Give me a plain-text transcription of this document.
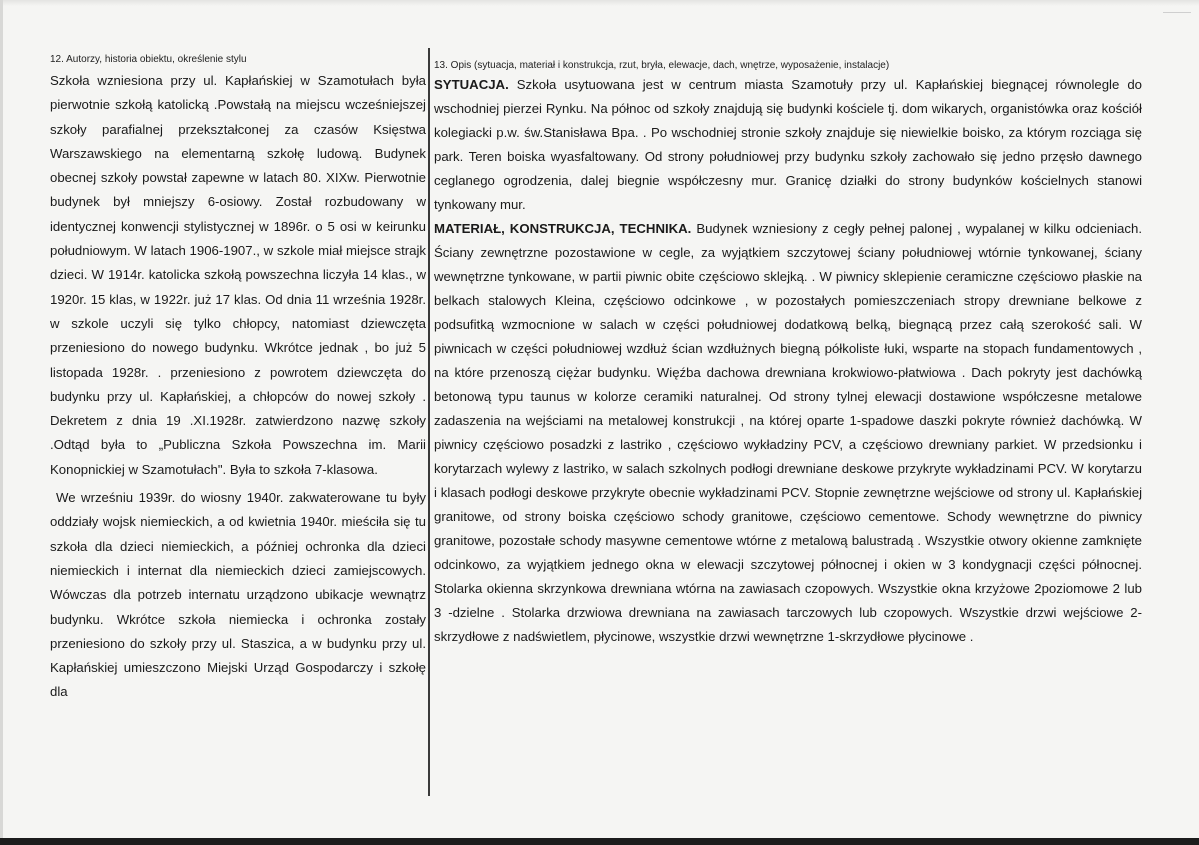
12. Autorzy, historia obiektu, określenie stylu

Szkoła wzniesiona przy ul. Kapłańskiej w Szamotułach była pierwotnie szkołą katolicką .Powstałą na miejscu wcześniejszej szkoły parafialnej przekształconej za czasów Księstwa Warszawskiego na elementarną szkołę ludową. Budynek obecnej szkoły powstał zapewne w latach 80. XIXw. Pierwotnie budynek był mniejszy 6-osiowy. Został rozbudowany w identycznej konwencji stylistycznej w 1896r. o 5 osi w keirunku południowym. W latach 1906-1907., w szkole miał miejsce strajk dzieci. W 1914r. katolicka szkołą powszechna liczyła 14 klas., w 1920r. 15 klas, w 1922r. już 17 klas. Od dnia 11 września 1928r. w szkole uczyli się tylko chłopcy, natomiast dziewczęta przeniesiono do nowego budynku. Wkrótce jednak , bo już 5 listopada 1928r. . przeniesiono z powrotem dziewczęta do budynku przy ul. Kapłańskiej, a chłopców do nowej szkoły . Dekretem z dnia 19 .XI.1928r. zatwierdzono nazwę szkoły .Odtąd była to „Publiczna Szkoła Powszechna im. Marii Konopnickiej w Szamotułach". Była to szkoła 7-klasowa.

We wrześniu 1939r. do wiosny 1940r. zakwaterowane tu były oddziały wojsk niemieckich, a od kwietnia 1940r. mieściła się tu szkoła dla dzieci niemieckich, a później ochronka dla dzieci niemieckich i internat dla niemieckich dzieci zamiejscowych. Wówczas dla potrzeb internatu urządzono ubikacje wewnątrz budynku. Wkrótce szkoła niemiecka i ochronka zostały przeniesiono do szkoły przy ul. Staszica, a w budynku przy ul. Kapłańskiej umieszczono Miejski Urząd Gospodarczy i szkołę dla

13. Opis (sytuacja, materiał i konstrukcja, rzut, bryła, elewacje, dach, wnętrze, wyposażenie, instalacje)

SYTUACJA. Szkoła usytuowana jest w centrum miasta Szamotuły przy ul. Kapłańskiej biegnącej równolegle do wschodniej pierzei Rynku. Na północ od szkoły znajdują się budynki kościele tj. dom wikarych, organistówka oraz kościół kolegiacki p.w. św.Stanisława Bpa. . Po wschodniej stronie szkoły znajduje się niewielkie boisko, za którym rozciąga się park. Teren boiska wyasfaltowany. Od strony południowej przy budynku szkoły zachowało się jedno przęsło dawnego ceglanego ogrodzenia, dalej biegnie współczesny mur. Granicę działki do strony budynków kościelnych stanowi tynkowany mur.

MATERIAŁ, KONSTRUKCJA, TECHNIKA. Budynek wzniesiony z cegły pełnej palonej , wypalanej w kilku odcieniach. Ściany zewnętrzne pozostawione w cegle, za wyjątkiem szczytowej ściany południowej wtórnie tynkowanej, ściany wewnętrzne tynkowane, w partii piwnic obite częściowo sklejką. . W piwnicy sklepienie ceramiczne częściowo płaskie na belkach stalowych Kleina, częściowo odcinkowe , w pozostałych pomieszczeniach stropy drewniane belkowe z podsufitką wzmocnione w salach w części południowej dodatkową belką, biegnącą przez całą szerokość sali. W piwnicach w części południowej wzdłuż ścian wzdłużnych biegną półkoliste łuki, wsparte na stopach fundamentowych , na które przenoszą ciężar budynku. Więźba dachowa drewniana krokwiowo-płatwiowa . Dach pokryty jest dachówką betonową typu taunus w kolorze ceramiki naturalnej. Od strony tylnej elewacji dostawione współczesne metalowe zadaszenia na wejściami na metalowej konstrukcji , na której oparte 1-spadowe daszki pokryte również dachówką. W piwnicy częściowo posadzki z lastriko , częściowo wykładziny PCV, a częściowo drewniany parkiet. W przedsionku i korytarzach wylewy z lastriko, w salach szkolnych podłogi drewniane deskowe przykryte wykładzinami PCV. W korytarzu i klasach podłogi deskowe przykryte obecnie wykładzinami PCV. Stopnie zewnętrzne wejściowe od strony ul. Kapłańskiej granitowe, od strony boiska częściowo schody granitowe, częściowo cementowe. Schody wewnętrzne do piwnicy granitowe, pozostałe schody masywne cementowe wtórne z metalową balustradą . Wszystkie otwory okienne zamknięte odcinkowo, za wyjątkiem jednego okna w elewacji szczytowej północnej i okien w 3 kondygnacji części północnej. Stolarka okienna skrzynkowa drewniana wtórna na zawiasach czopowych. Wszystkie okna krzyżowe 2poziomowe 2 lub 3 -dzielne . Stolarka drzwiowa drewniana na zawiasach tarczowych lub czopowych. Wszystkie drzwi wejściowe 2-skrzydłowe z nadświetlem, płycinowe, wszystkie drzwi wewnętrzne 1-skrzydłowe płycinowe .
